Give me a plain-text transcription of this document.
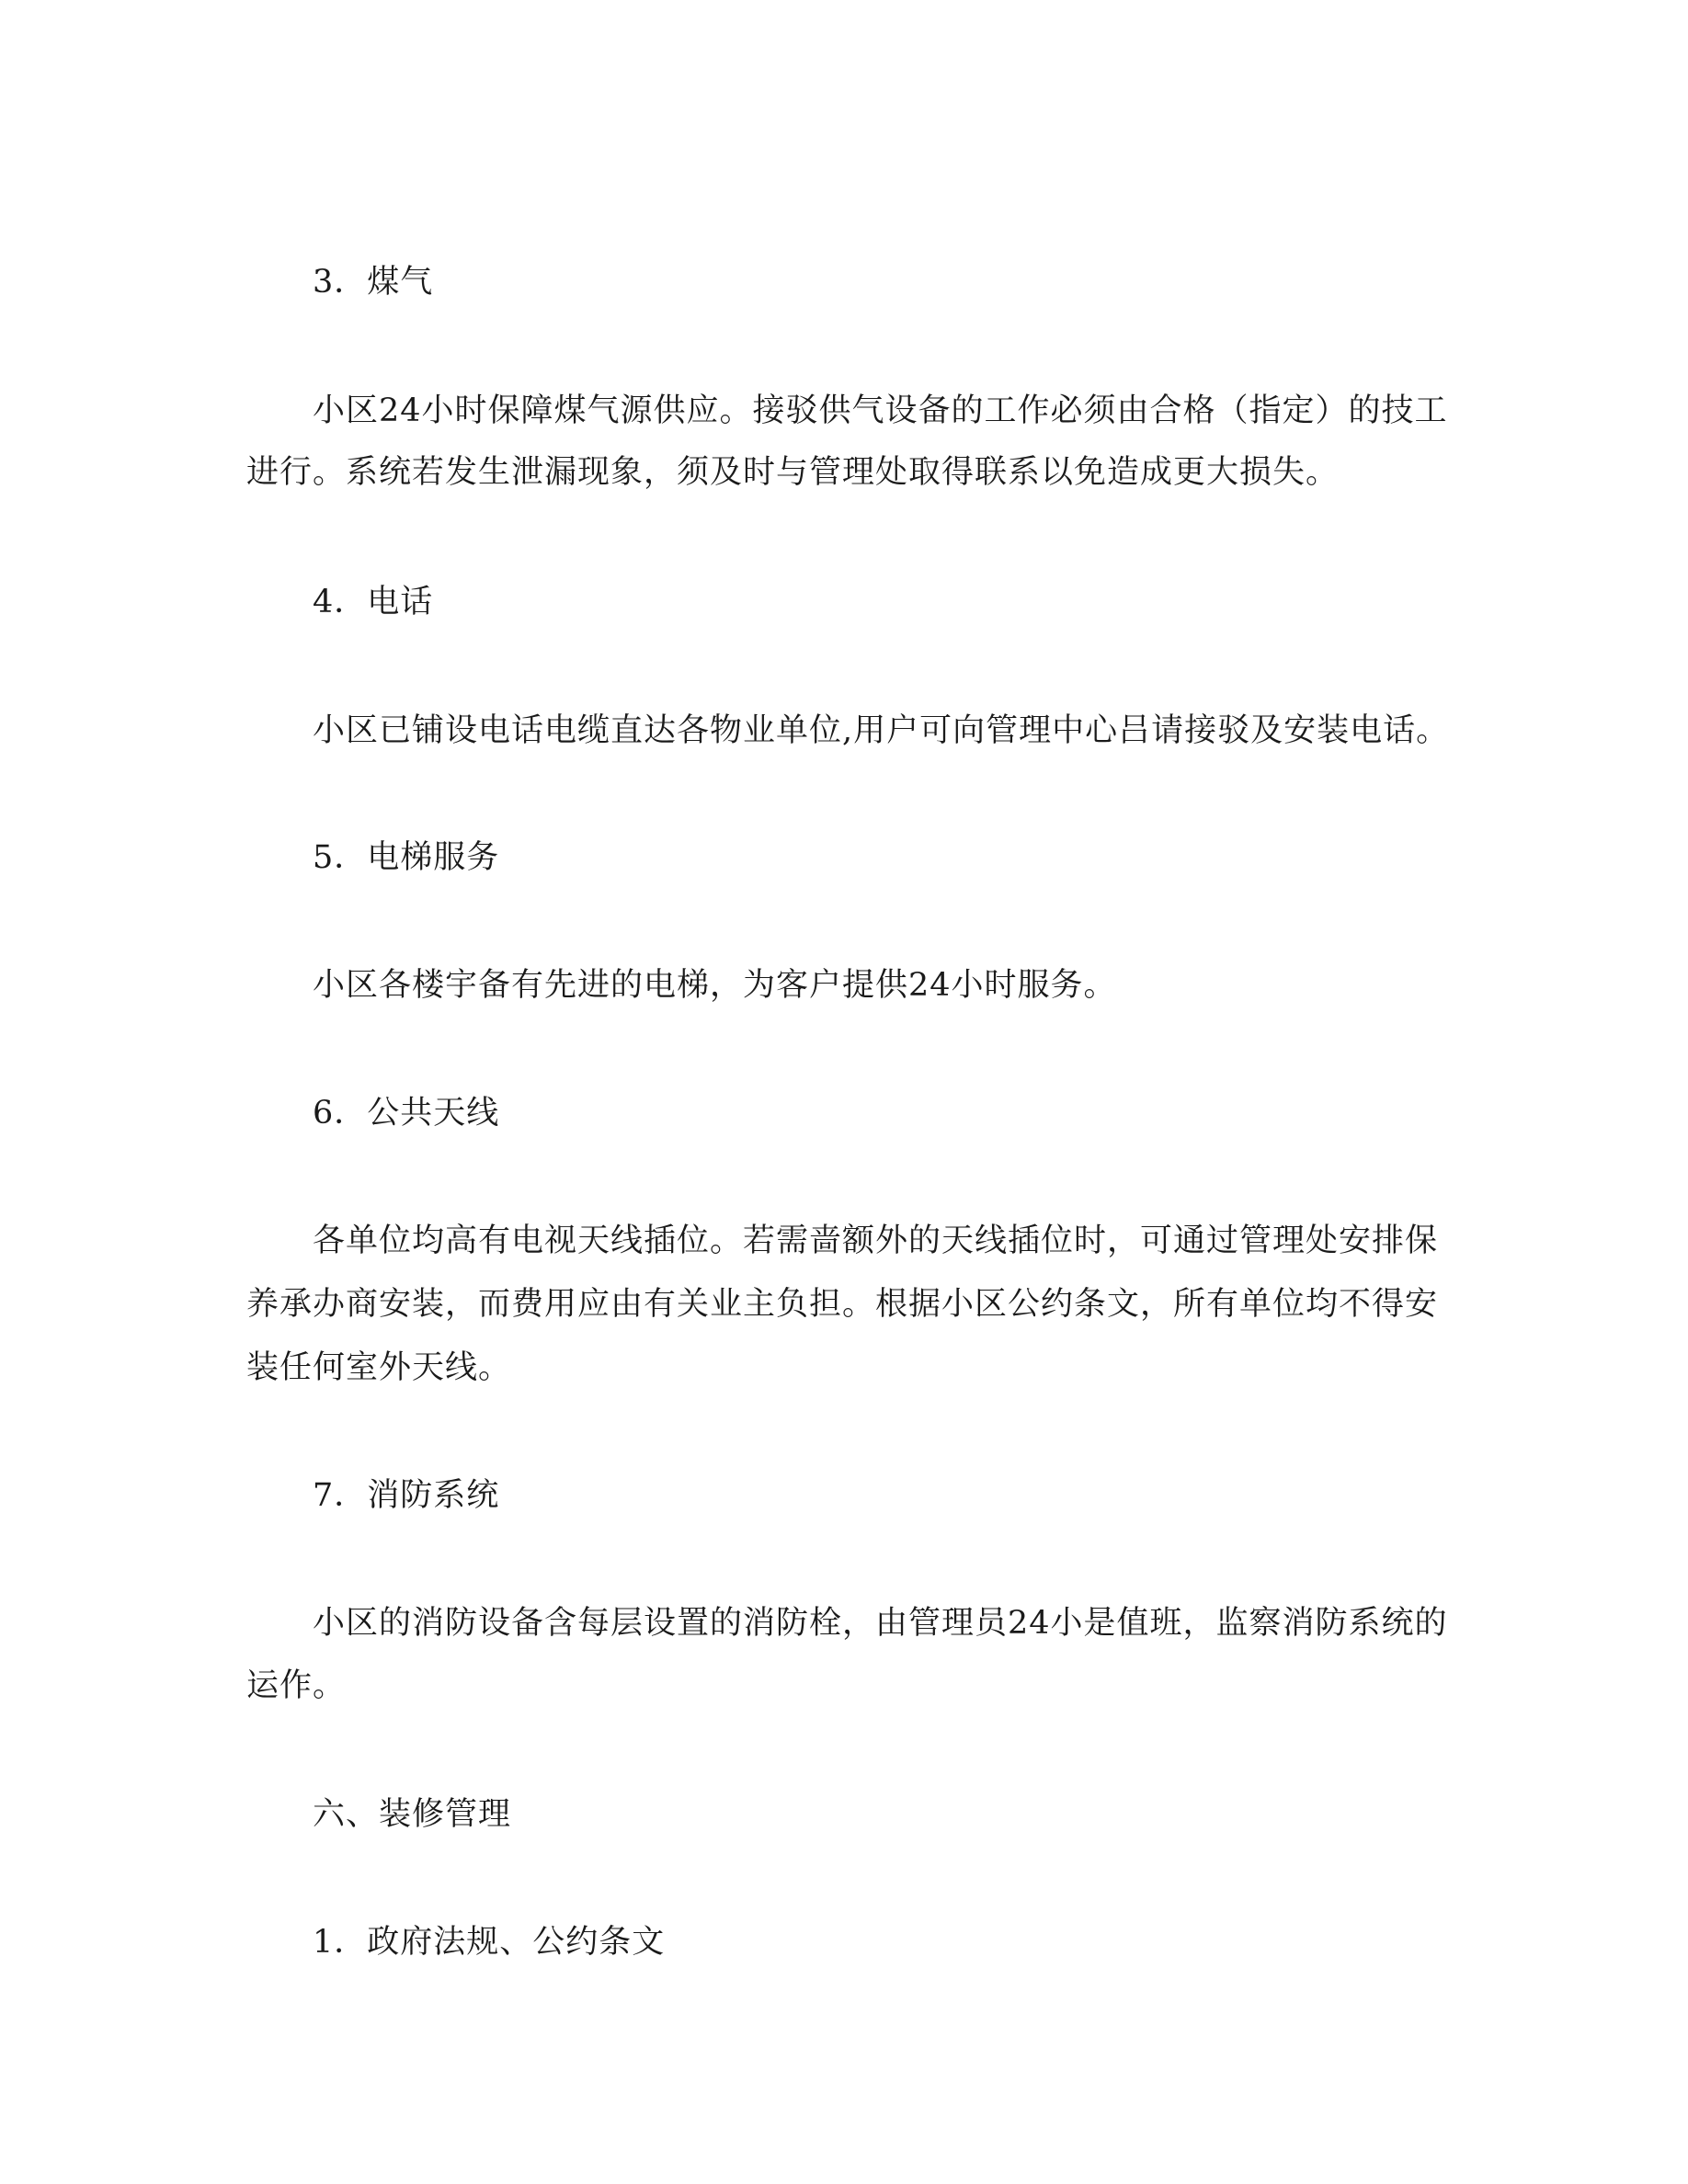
3．煤气
小区24小时保障煤气源供应。接驳供气设备的工作必须由合格（指定）的技工
进行。系统若发生泄漏现象，须及时与管理处取得联系以免造成更大损失。
4．电话
小区已铺设电话电缆直达各物业单位,用户可向管理中心吕请接驳及安装电话。
5．电梯服务
小区各楼宇备有先进的电梯，为客户提供24小时服务。
6．公共天线
各单位均高有电视天线插位。若需啬额外的天线插位时，可通过管理处安排保
养承办商安装，而费用应由有关业主负担。根据小区公约条文，所有单位均不得安
装任何室外天线。
7．消防系统
小区的消防设备含每层设置的消防栓，由管理员24小是值班，监察消防系统的
运作。
六、装修管理
1．政府法规、公约条文
